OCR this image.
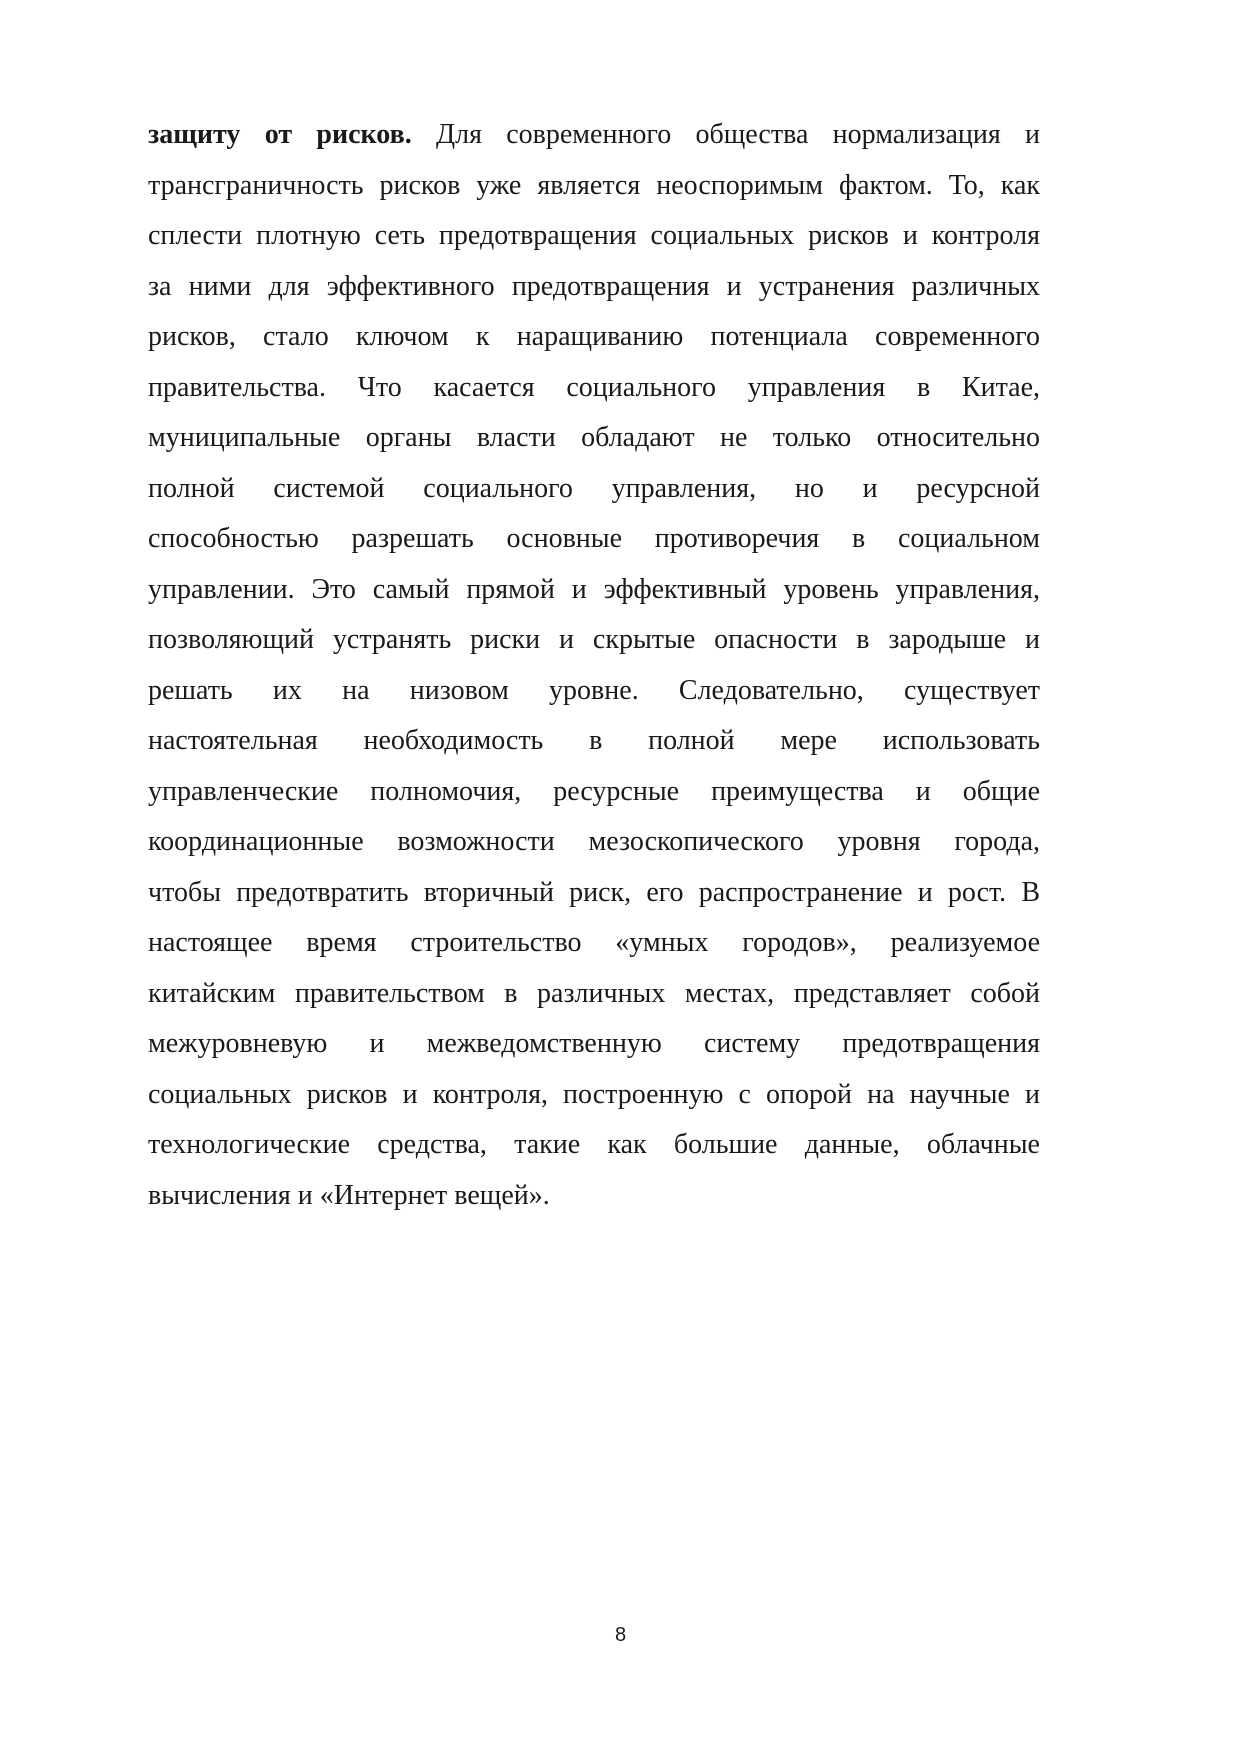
защиту от рисков. Для современного общества нормализация и
трансграничность рисков уже является неоспоримым фактом. То, как
сплести плотную сеть предотвращения социальных рисков и контроля
за ними для эффективного предотвращения и устранения различных
рисков, стало ключом к наращиванию потенциала современного
правительства. Что касается социального управления в Китае,
муниципальные органы власти обладают не только относительно
полной системой социального управления, но и ресурсной
способностью разрешать основные противоречия в социальном
управлении. Это самый прямой и эффективный уровень управления,
позволяющий устранять риски и скрытые опасности в зародыше и
решать их на низовом уровне. Следовательно, существует
настоятельная необходимость в полной мере использовать
управленческие полномочия, ресурсные преимущества и общие
координационные возможности мезоскопического уровня города,
чтобы предотвратить вторичный риск, его распространение и рост. В
настоящее время строительство «умных городов», реализуемое
китайским правительством в различных местах, представляет собой
межуровневую и межведомственную систему предотвращения
социальных рисков и контроля, построенную с опорой на научные и
технологические средства, такие как большие данные, облачные
вычисления и «Интернет вещей».
8
